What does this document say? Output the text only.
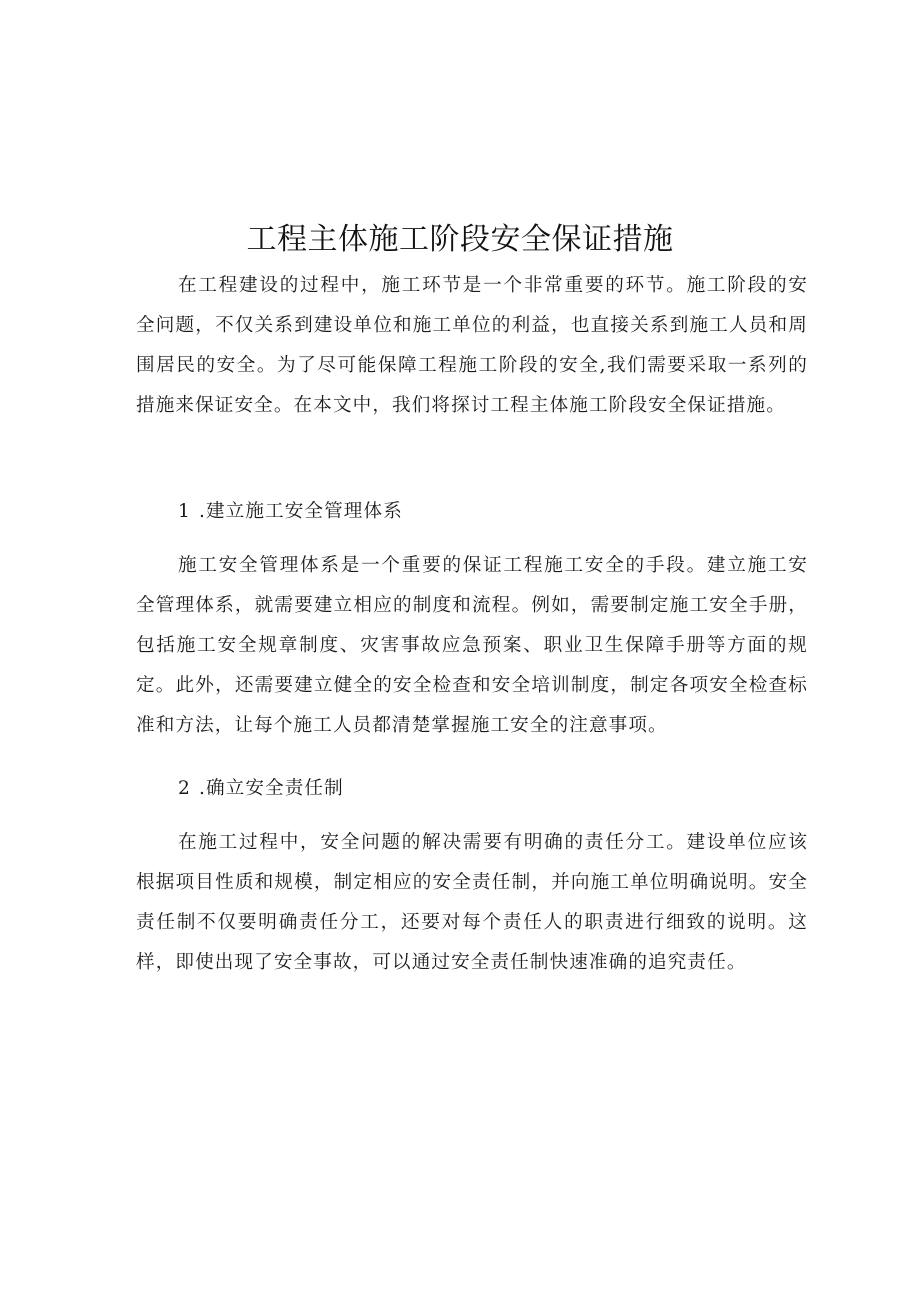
工程主体施工阶段安全保证措施

在工程建设的过程中，施工环节是一个非常重要的环节。施工阶段的安全问题，不仅关系到建设单位和施工单位的利益，也直接关系到施工人员和周围居民的安全。为了尽可能保障工程施工阶段的安全,我们需要采取一系列的措施来保证安全。在本文中，我们将探讨工程主体施工阶段安全保证措施。

1 .建立施工安全管理体系

施工安全管理体系是一个重要的保证工程施工安全的手段。建立施工安全管理体系，就需要建立相应的制度和流程。例如，需要制定施工安全手册，包括施工安全规章制度、灾害事故应急预案、职业卫生保障手册等方面的规定。此外，还需要建立健全的安全检查和安全培训制度，制定各项安全检查标准和方法，让每个施工人员都清楚掌握施工安全的注意事项。

2 .确立安全责任制

在施工过程中，安全问题的解决需要有明确的责任分工。建设单位应该根据项目性质和规模，制定相应的安全责任制，并向施工单位明确说明。安全责任制不仅要明确责任分工，还要对每个责任人的职责进行细致的说明。这样，即使出现了安全事故，可以通过安全责任制快速准确的追究责任。
